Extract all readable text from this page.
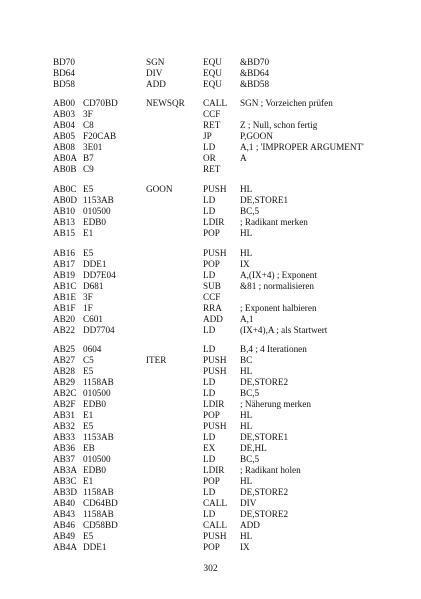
BD70	SGN	EQU &BD70
BD64	DIV	EQU &BD64
BD58	ADD	EQU &BD58
AB00 CD70BD	NEWSQR CALL SGN ; Vorzeichen prüfen
AB03 3F	CCF
AB04 C8	RET Z ; Null, schon fertig
AB05 F20CAB	JP	P,GOON
AB08 3E01	LD	A,1 ; 'IMPROPER ARGUMENT'
AB0A B7	OR	A
AB0B C9	RET
AB0C E5	GOON	PUSH HL
AB0D 1153AB	LD	DE,STORE1
AB10 010500	LD	BC,5
AB13 EDB0	LDIR ; Radikant merken
AB15 E1	POP HL
AB16 E5	PUSH HL
AB17 DDE1	POP IX
AB19 DD7E04	LD	A,(IX+4) ; Exponent
AB1C D681	SUB &81 ; normalisieren
AB1E 3F	CCF
AB1F 1F	RRA ; Exponent halbieren
AB20 C601	ADD A,1
AB22 DD7704	LD	(IX+4),A ; als Startwert
AB25 0604	LD	B,4 ; 4 Iterationen
AB27 C5	ITER	PUSH BC
AB28 E5	PUSH HL
AB29 1158AB	LD	DE,STORE2
AB2C 010500	LD	BC,5
AB2F EDB0	LDIR ; Näherung merken
AB31 E1	POP HL
AB32 E5	PUSH HL
AB33 1153AB	LD	DE,STORE1
AB36 EB	EX	DE,HL
AB37 010500	LD	BC,5
AB3A EDB0	LDIR ; Radikant holen
AB3C E1	POP HL
AB3D 1158AB	LD	DE,STORE2
AB40 CD64BD	CALL DIV
AB43 1158AB	LD	DE,STORE2
AB46 CD58BD	CALL ADD
AB49 E5	PUSH HL
AB4A DDE1	POP IX
302
